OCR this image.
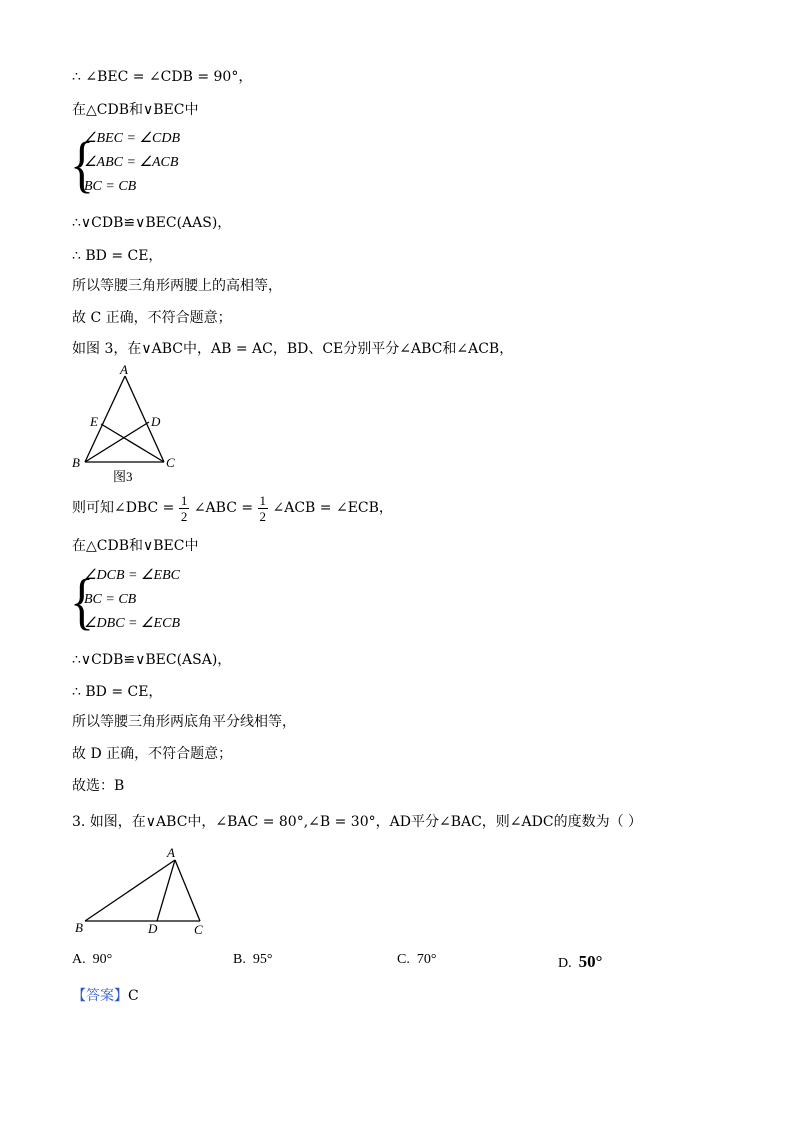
∴ ∠BEC = ∠CDB = 90°，
在△CDB和∨BEC中
{
∠BEC = ∠CDB
∠ABC = ∠ACB
BC = CB
∴∨CDB≌∨BEC(AAS)，
∴ BD = CE，
所以等腰三角形两腰上的高相等，
故 C 正确，不符合题意；
如图 3，在∨ABC中，AB = AC，BD、CE分别平分∠ABC和∠ACB，
A
E	D
B	C
图3
则可知∠DBC = $\frac{1}{2}$ ∠ABC = $\frac{1}{2}$ ∠ACB = ∠ECB，
在△CDB和∨BEC中
{
∠DCB = ∠EBC
BC = CB
∠DBC = ∠ECB
∴∨CDB≌∨BEC(ASA)，
∴ BD = CE，
所以等腰三角形两底角平分线相等，
故 D 正确，不符合题意；
故选：B
3. 如图，在∨ABC中，∠BAC = 80°,∠B = 30°，AD平分∠BAC，则∠ADC的度数为（ ）
A
B	D	C
A. 90°	B. 95°	C. 70°	D. 50°
【答案】C
